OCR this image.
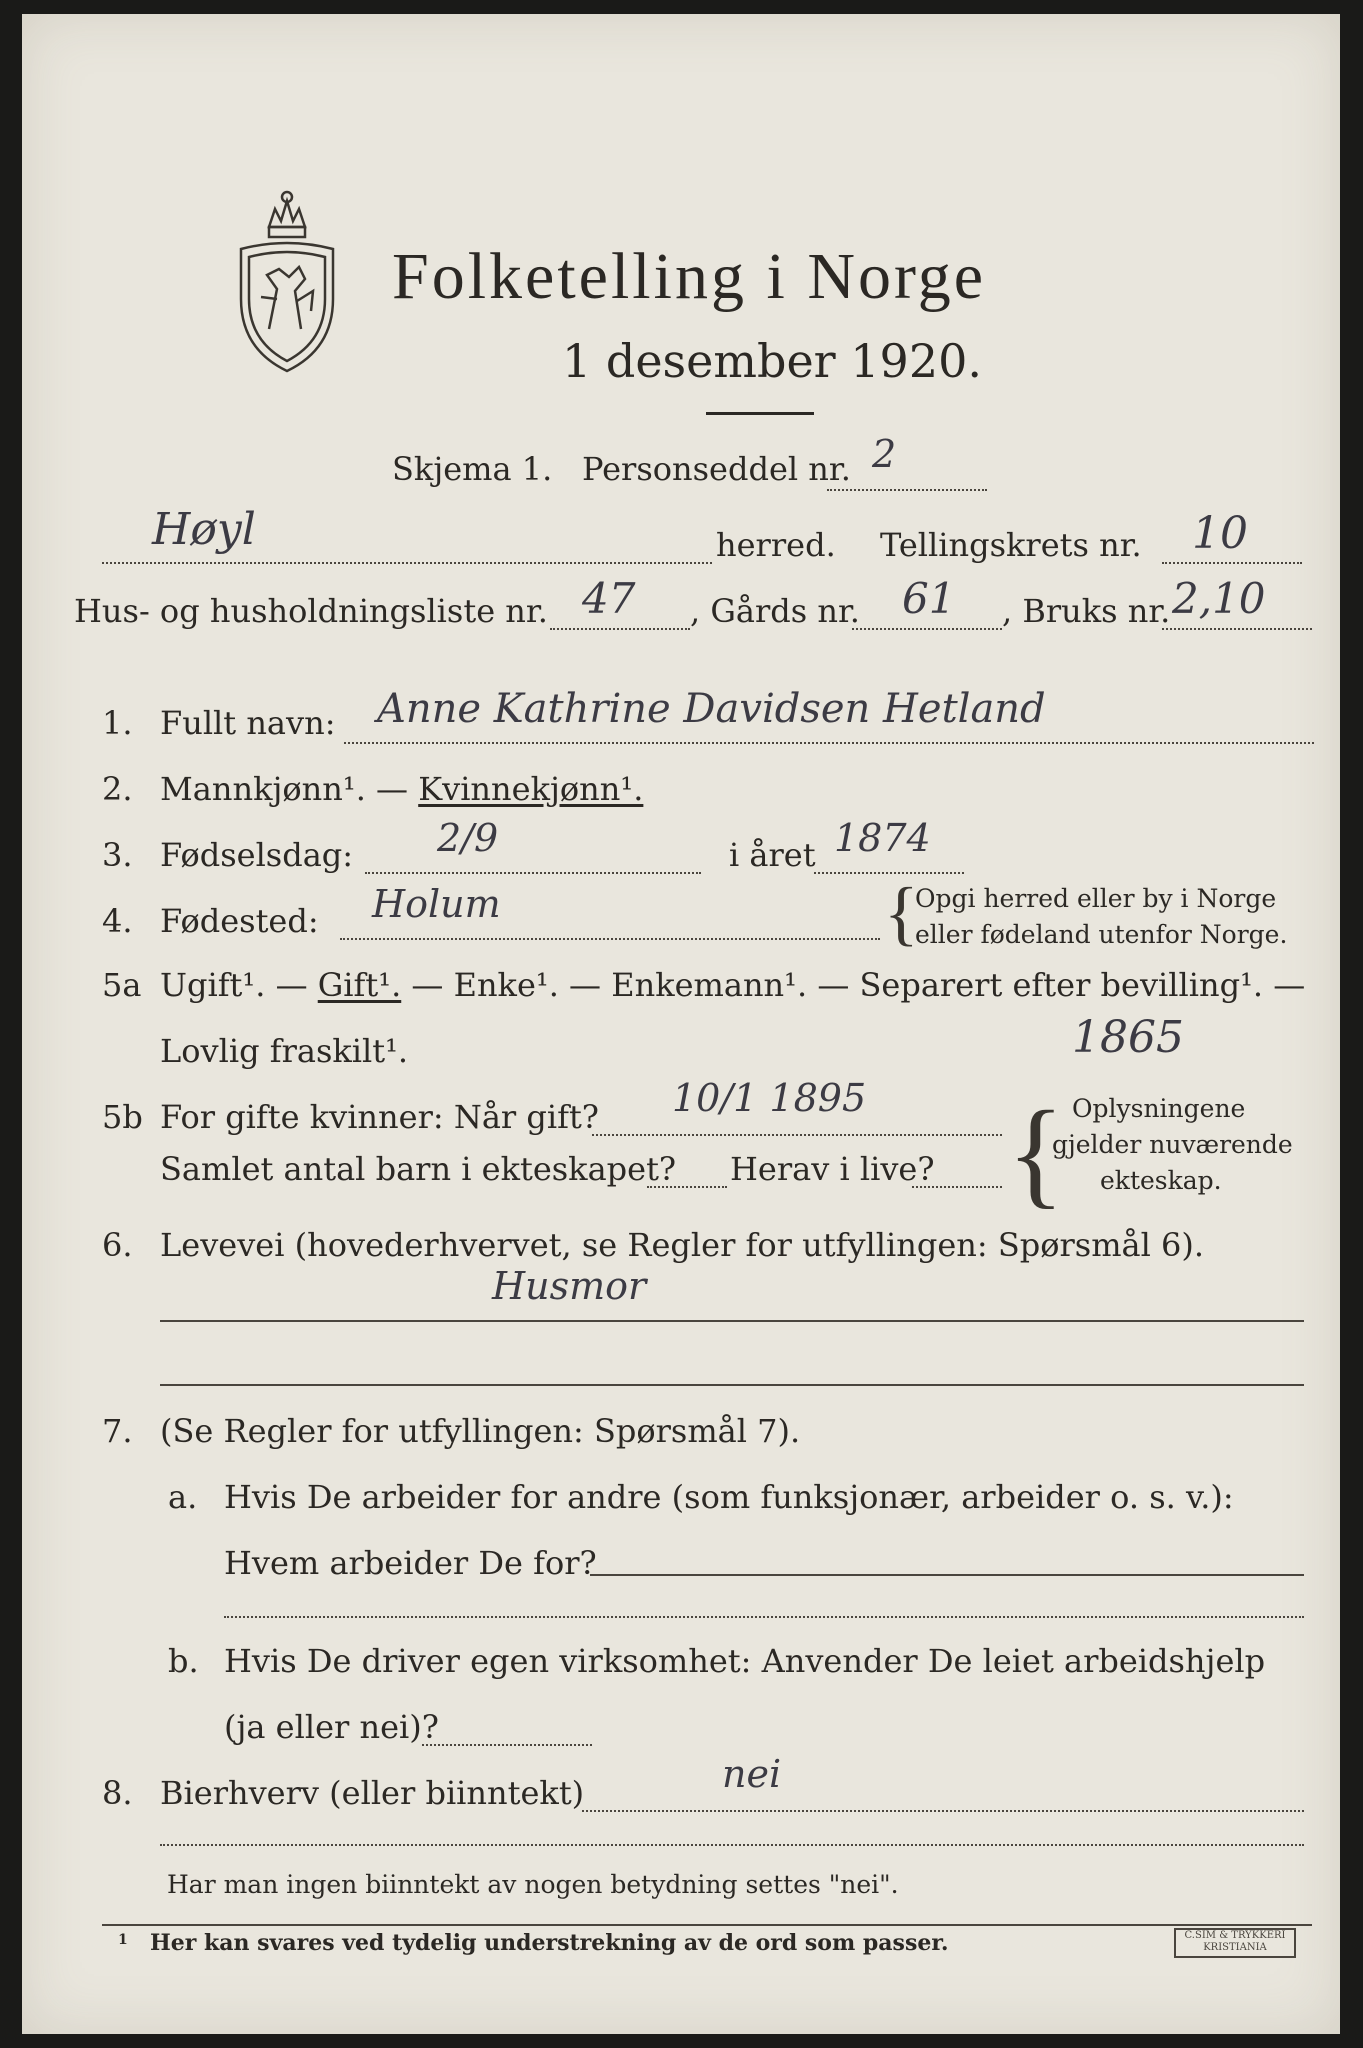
Folketelling i Norge
1 desember 1920.
Skjema 1. Personseddel nr. 2
Høyl	herred. Tellingskrets nr. 10
Hus- og husholdningsliste nr. 47 , Gårds nr. 61 , Bruks nr. 2,10
1. Fullt navn: Anne Kathrine Davidsen Hetland
2. Mannkjønn¹. — Kvinnekjønn¹.
3. Fødselsdag: 2/9	i året 1874
4. Fødested: Holum	{
Opgi herred eller by i Norge
eller fødeland utenfor Norge.
5a Ugift¹. — Gift¹. — Enke¹. — Enkemann¹. — Separert efter bevilling¹. —
Lovlig fraskilt¹.	1865
5b For gifte kvinner: Når gift? 10/1 1895
Samlet antal barn i ekteskapet? Herav i live? { Oplysningene
gjelder nuværende
ekteskap.
6. Levevei (hovederhvervet, se Regler for utfyllingen: Spørsmål 6).
Husmor
7. (Se Regler for utfyllingen: Spørsmål 7).
a. Hvis De arbeider for andre (som funksjonær, arbeider o. s. v.):
Hvem arbeider De for?
b. Hvis De driver egen virksomhet: Anvender De leiet arbeidshjelp
(ja eller nei)?
8. Bierhverv (eller biinntekt)	nei
Har man ingen biinntekt av nogen betydning settes "nei".
1 Her kan svares ved tydelig understrekning av de ord som passer.	C.SIM & TRYKKERI
KRISTIANIA
